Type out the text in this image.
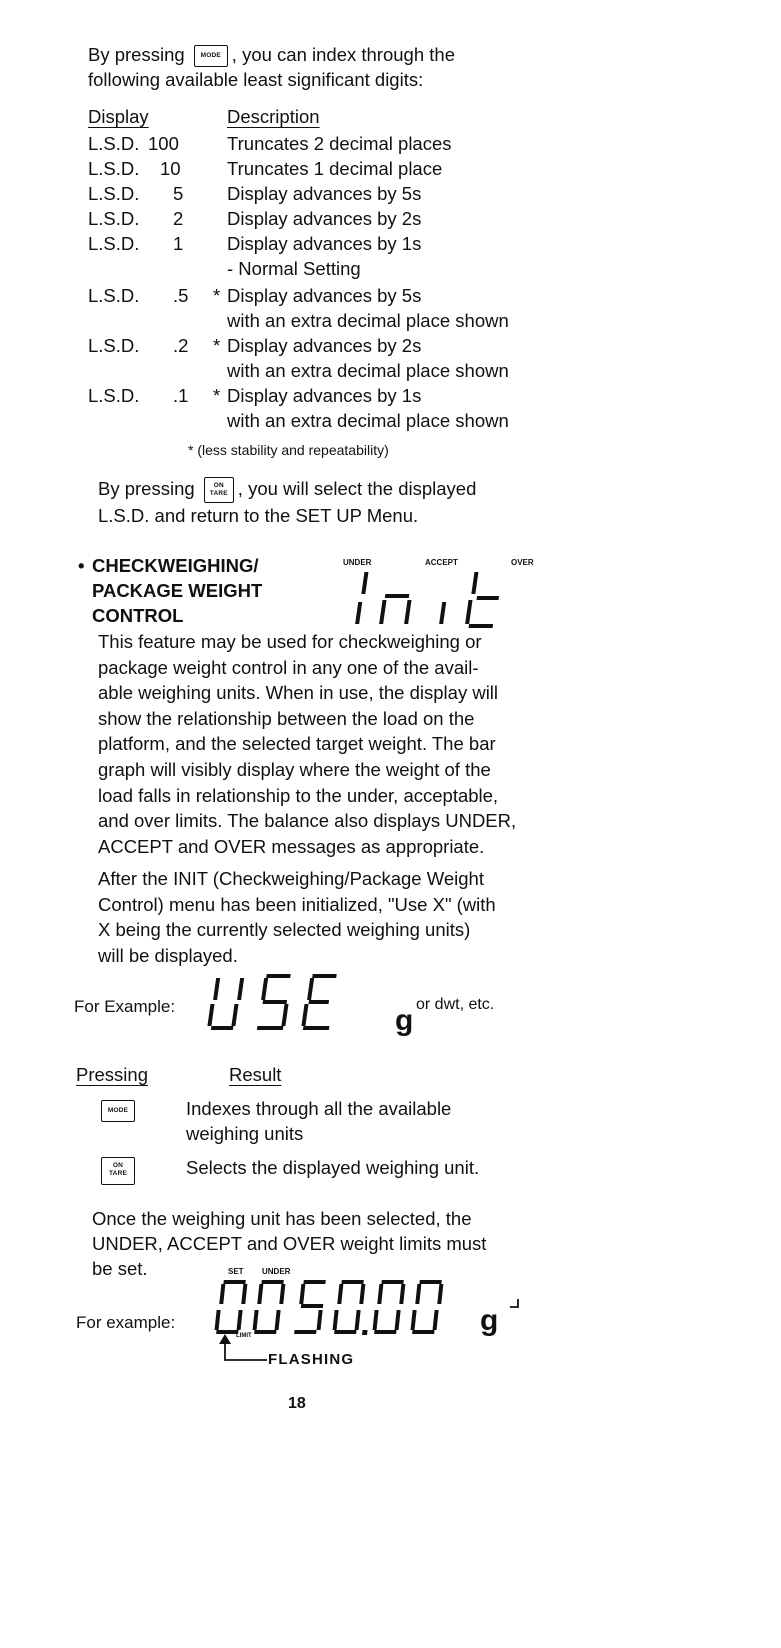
By pressing MODE , you can index through the
following available least significant digits:
Display	Description
L.S.D. 100	Truncates 2 decimal places
L.S.D. 10	Truncates 1 decimal place
L.S.D. 5 Display advances by 5s
L.S.D. 2 Display advances by 2s
L.S.D. 1 Display advances by 1s
- Normal Setting
L.S.D. .5 * Display advances by 5s
with an extra decimal place shown
L.S.D. .2 * Display advances by 2s
with an extra decimal place shown
L.S.D. .1 * Display advances by 1s
with an extra decimal place shown
* (less stability and repeatability)
By pressing	ON
TARE , you will select the displayed
L.S.D. and return to the SET UP Menu.
• CHECKWEIGHING/
PACKAGE WEIGHT
CONTROL
UNDER	ACCEPT	OVER
This feature may be used for checkweighing or
package weight control in any one of the avail-
able weighing units. When in use, the display will
show the relationship between the load on the
platform, and the selected target weight. The bar
graph will visibly display where the weight of the
load falls in relationship to the under, acceptable,
and over limits. The balance also displays UNDER,
ACCEPT and OVER messages as appropriate.
After the INIT (Checkweighing/Package Weight
Control) menu has been initialized, "Use X" (with
X being the currently selected weighing units)
will be displayed.
For Example:	g or dwt, etc.
Pressing	Result
MODE	Indexes through all the available
weighing units
ON
TARE	Selects the displayed weighing unit.
Once the weighing unit has been selected, the
UNDER, ACCEPT and OVER weight limits must
be set.	SET UNDER
For example:
LIMIT	g
FLASHING
18
